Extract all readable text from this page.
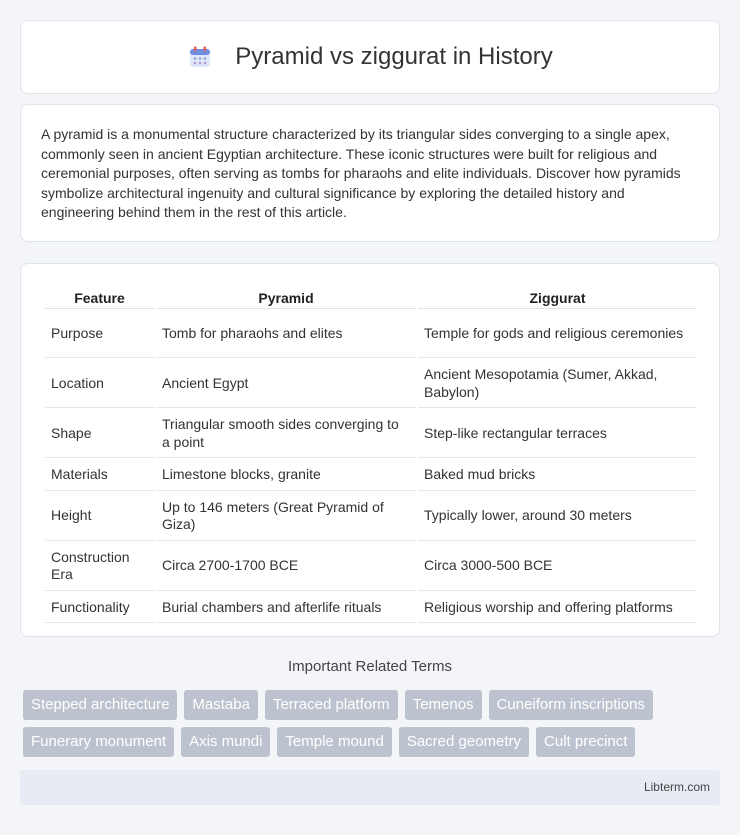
Pyramid vs ziggurat in History

A pyramid is a monumental structure characterized by its triangular sides converging to a single apex, commonly seen in ancient Egyptian architecture. These iconic structures were built for religious and ceremonial purposes, often serving as tombs for pharaohs and elite individuals. Discover how pyramids symbolize architectural ingenuity and cultural significance by exploring the detailed history and engineering behind them in the rest of this article.

Feature	Pyramid	Ziggurat
Purpose	Tomb for pharaohs and elites	Temple for gods and religious ceremonies
Location	Ancient Egypt	Ancient Mesopotamia (Sumer, Akkad, Babylon)
Shape	Triangular smooth sides converging to a point	Step-like rectangular terraces
Materials	Limestone blocks, granite	Baked mud bricks
Height	Up to 146 meters (Great Pyramid of Giza)	Typically lower, around 30 meters
Construction Era	Circa 2700-1700 BCE	Circa 3000-500 BCE
Functionality	Burial chambers and afterlife rituals	Religious worship and offering platforms
Important Related Terms
Stepped architecture	Mastaba	Terraced platform	Temenos	Cuneiform inscriptions
Funerary monument	Axis mundi	Temple mound	Sacred geometry	Cult precinct
Libterm.com
